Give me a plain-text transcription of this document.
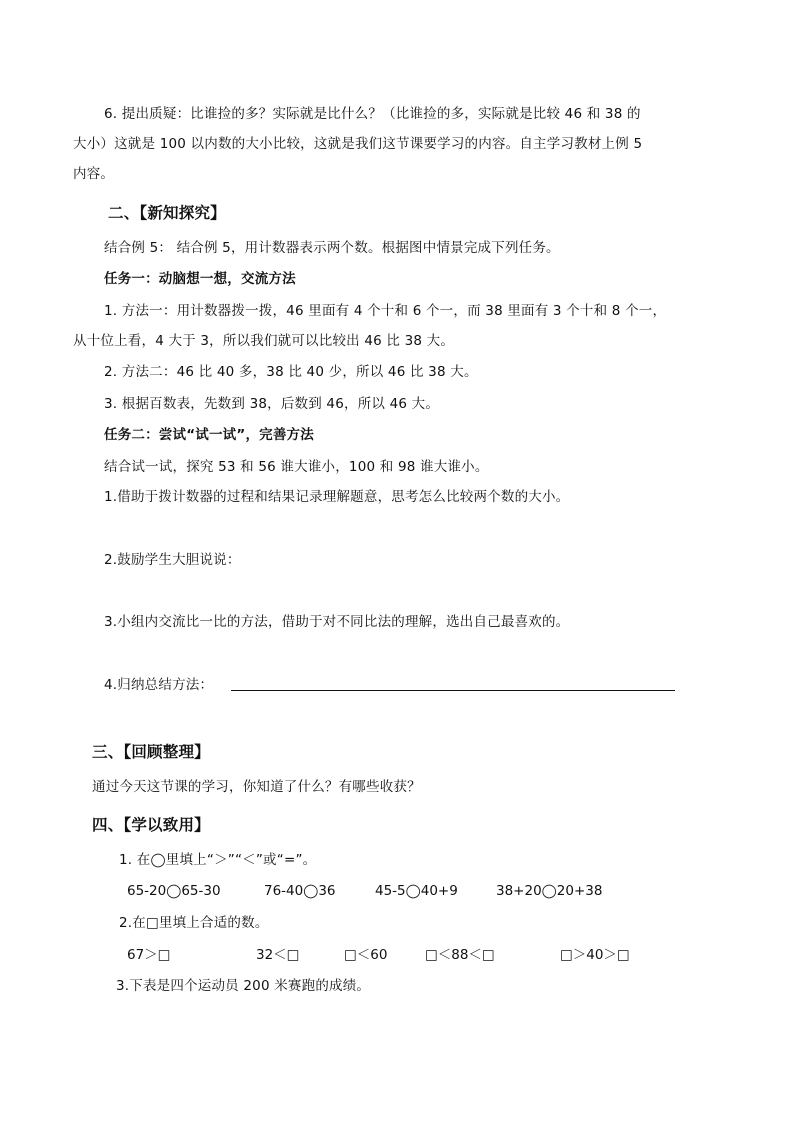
6. 提出质疑：比谁捡的多？实际就是比什么？（比谁捡的多，实际就是比较 46 和 38 的
大小）这就是 100 以内数的大小比较，这就是我们这节课要学习的内容。自主学习教材上例 5
内容。
二、【新知探究】
结合例 5： 结合例 5，用计数器表示两个数。根据图中情景完成下列任务。
任务一：动脑想一想，交流方法
1. 方法一：用计数器拨一拨，46 里面有 4 个十和 6 个一，而 38 里面有 3 个十和 8 个一，
从十位上看，4 大于 3，所以我们就可以比较出 46 比 38 大。
2. 方法二：46 比 40 多，38 比 40 少，所以 46 比 38 大。
3. 根据百数表，先数到 38，后数到 46，所以 46 大。
任务二：尝试“试一试”，完善方法
结合试一试，探究 53 和 56 谁大谁小，100 和 98 谁大谁小。
1.借助于拨计数器的过程和结果记录理解题意，思考怎么比较两个数的大小。
2.鼓励学生大胆说说：
3.小组内交流比一比的方法，借助于对不同比法的理解，选出自己最喜欢的。
4.归纳总结方法：
三、【回顾整理】
通过今天这节课的学习，你知道了什么？有哪些收获？
四、【学以致用】
1. 在◯里填上“＞”“＜”或“=”。
65-20◯65-30	76-40◯36	45-5◯40+9	38+20◯20+38
2.在□里填上合适的数。
67＞□	32＜□	□＜60	□＜88＜□	□＞40＞□
3.下表是四个运动员 200 米赛跑的成绩。
